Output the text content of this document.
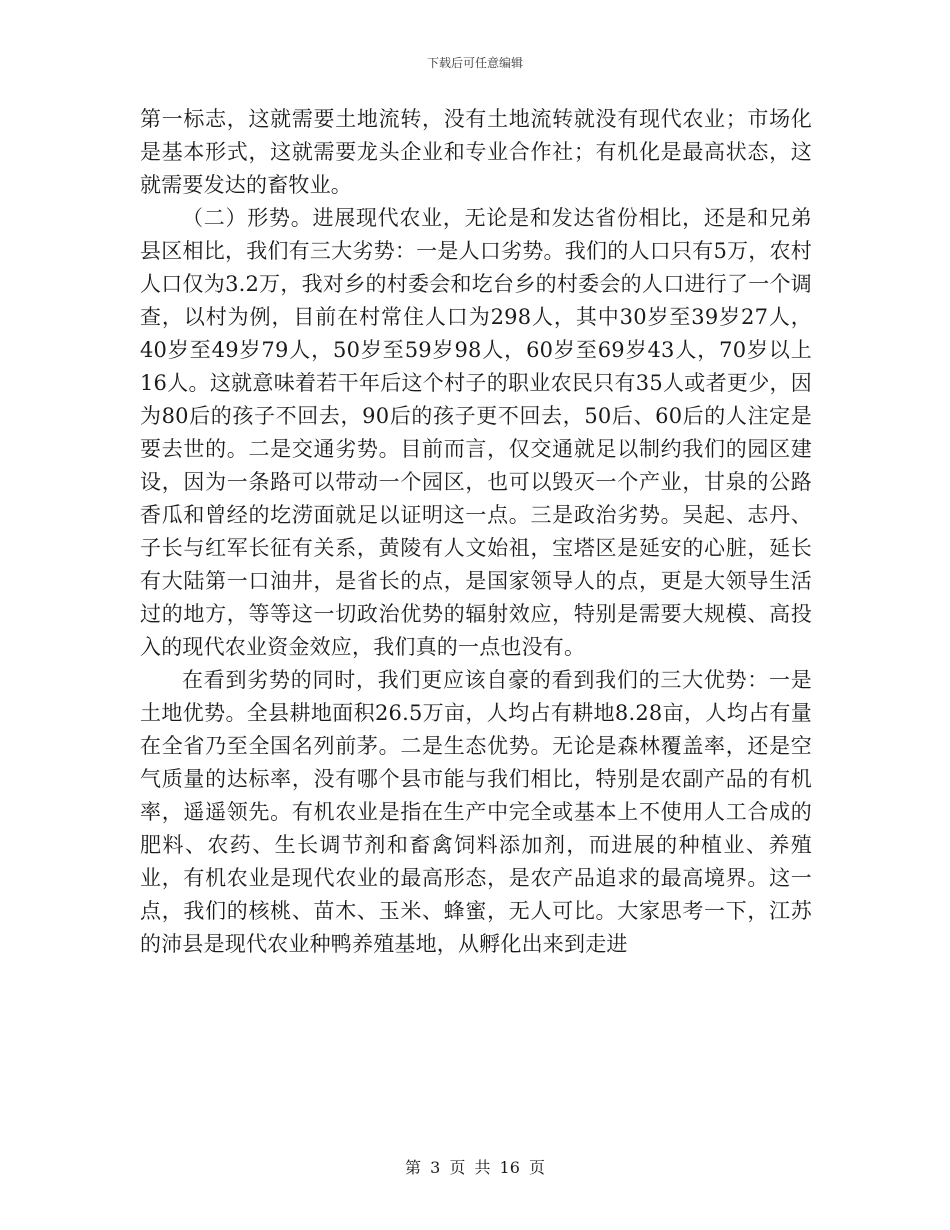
下载后可任意编辑

第一标志，这就需要土地流转，没有土地流转就没有现代农业；市场化是基本形式，这就需要龙头企业和专业合作社；有机化是最高状态，这就需要发达的畜牧业。

（二）形势。进展现代农业，无论是和发达省份相比，还是和兄弟县区相比，我们有三大劣势：一是人口劣势。我们的人口只有5万，农村人口仅为3.2万，我对乡的村委会和圪台乡的村委会的人口进行了一个调查，以村为例，目前在村常住人口为298人，其中30岁至39岁27人，40岁至49岁79人，50岁至59岁98人，60岁至69岁43人，70岁以上16人。这就意味着若干年后这个村子的职业农民只有35人或者更少，因为80后的孩子不回去，90后的孩子更不回去，50后、60后的人注定是要去世的。二是交通劣势。目前而言，仅交通就足以制约我们的园区建设，因为一条路可以带动一个园区，也可以毁灭一个产业，甘泉的公路香瓜和曾经的圪涝面就足以证明这一点。三是政治劣势。吴起、志丹、子长与红军长征有关系，黄陵有人文始祖，宝塔区是延安的心脏，延长有大陆第一口油井，是省长的点，是国家领导人的点，更是大领导生活过的地方，等等这一切政治优势的辐射效应，特别是需要大规模、高投入的现代农业资金效应，我们真的一点也没有。

在看到劣势的同时，我们更应该自豪的看到我们的三大优势：一是土地优势。全县耕地面积26.5万亩，人均占有耕地8.28亩，人均占有量在全省乃至全国名列前茅。二是生态优势。无论是森林覆盖率，还是空气质量的达标率，没有哪个县市能与我们相比，特别是农副产品的有机率，遥遥领先。有机农业是指在生产中完全或基本上不使用人工合成的肥料、农药、生长调节剂和畜禽饲料添加剂，而进展的种植业、养殖业，有机农业是现代农业的最高形态，是农产品追求的最高境界。这一点，我们的核桃、苗木、玉米、蜂蜜，无人可比。大家思考一下，江苏的沛县是现代农业种鸭养殖基地，从孵化出来到走进

第 3 页 共 16 页
